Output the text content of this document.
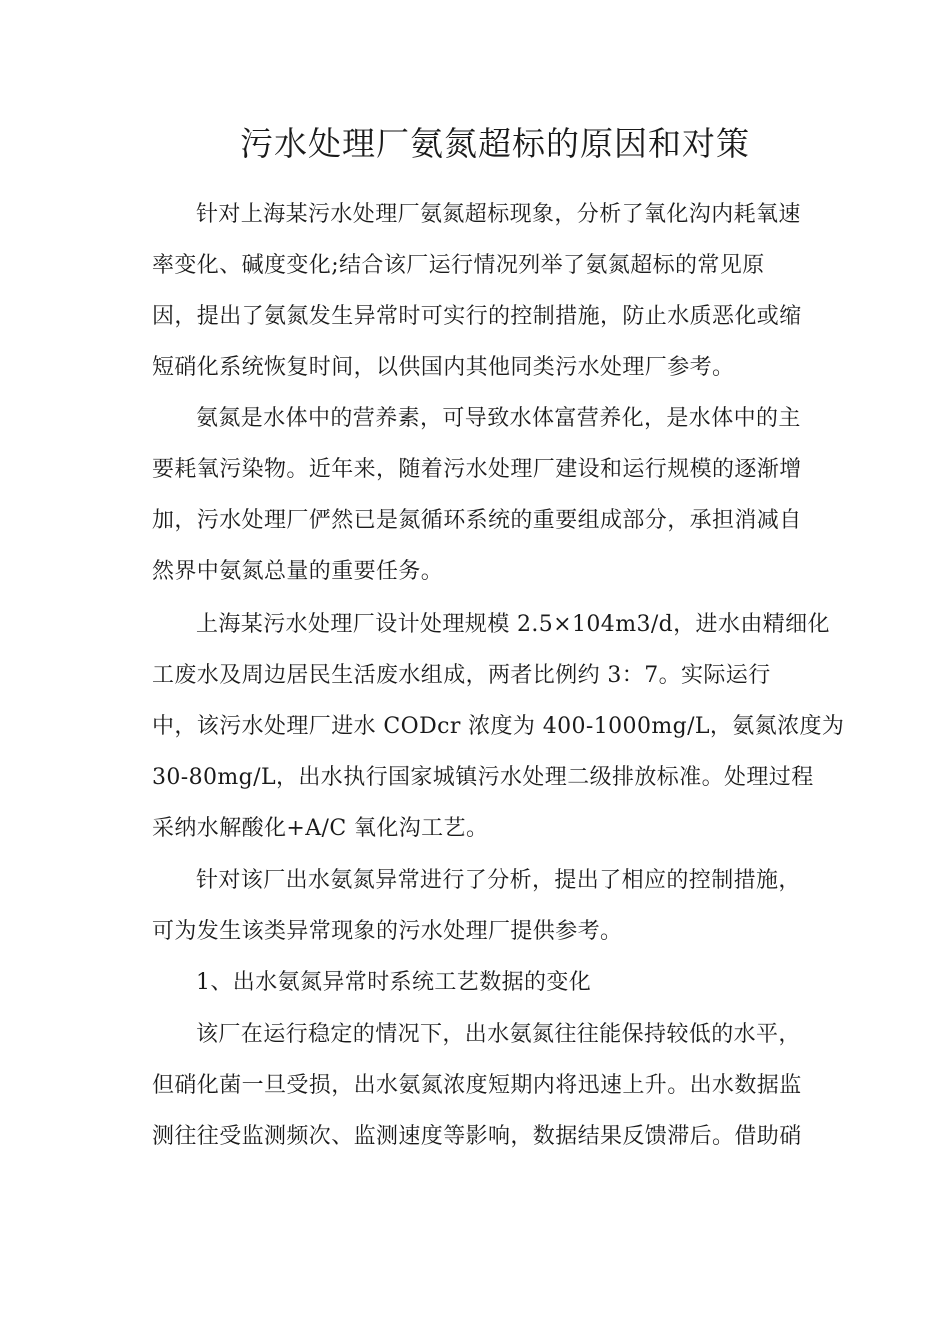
污水处理厂氨氮超标的原因和对策
针对上海某污水处理厂氨氮超标现象，分析了氧化沟内耗氧速
率变化、碱度变化;结合该厂运行情况列举了氨氮超标的常见原
因，提出了氨氮发生异常时可实行的控制措施，防止水质恶化或缩
短硝化系统恢复时间，以供国内其他同类污水处理厂参考。
氨氮是水体中的营养素，可导致水体富营养化，是水体中的主
要耗氧污染物。近年来，随着污水处理厂建设和运行规模的逐渐增
加，污水处理厂俨然已是氮循环系统的重要组成部分，承担消减自
然界中氨氮总量的重要任务。
上海某污水处理厂设计处理规模 2.5×104m3/d，进水由精细化
工废水及周边居民生活废水组成，两者比例约 3：7。实际运行
中，该污水处理厂进水 CODcr 浓度为 400-1000mg/L，氨氮浓度为
30-80mg/L，出水执行国家城镇污水处理二级排放标准。处理过程
采纳水解酸化+A/C 氧化沟工艺。
针对该厂出水氨氮异常进行了分析，提出了相应的控制措施，
可为发生该类异常现象的污水处理厂提供参考。
1、出水氨氮异常时系统工艺数据的变化
该厂在运行稳定的情况下，出水氨氮往往能保持较低的水平，
但硝化菌一旦受损，出水氨氮浓度短期内将迅速上升。出水数据监
测往往受监测频次、监测速度等影响，数据结果反馈滞后。借助硝
